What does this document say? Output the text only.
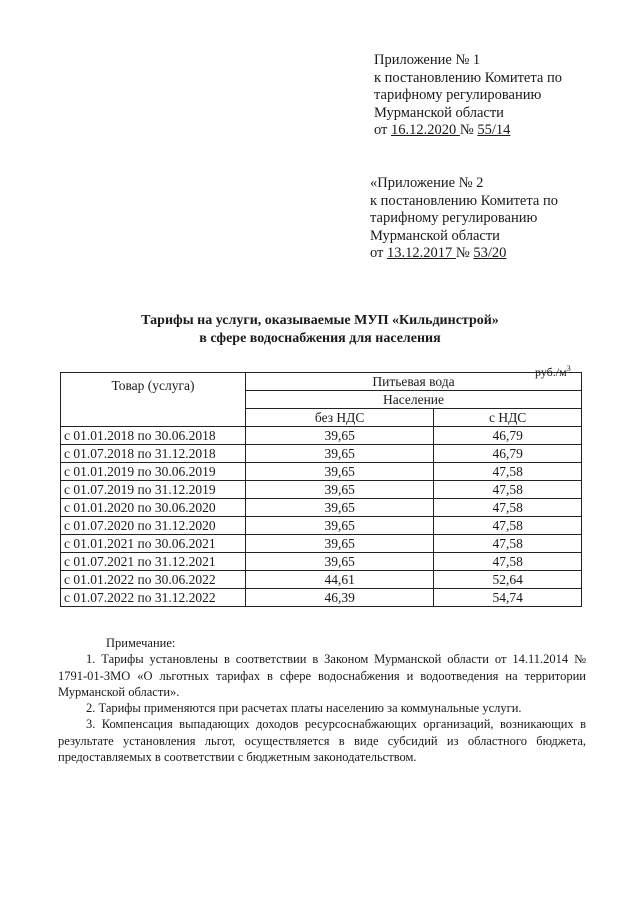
Приложение № 1
к постановлению Комитета по
тарифному регулированию
Мурманской области
от 16.12.2020 № 55/14
«Приложение № 2
к постановлению Комитета по
тарифному регулированию
Мурманской области
от 13.12.2017 № 53/20
Тарифы на услуги, оказываемые МУП «Кильдинстрой»
в сфере водоснабжения для населения
$руб./м^3$
Товар (услуга)	Питьевая вода	
	Население	
	без НДС	с НДС
с 01.01.2018 по 30.06.2018	39,65	46,79
с 01.07.2018 по 31.12.2018	39,65	46,79
с 01.01.2019 по 30.06.2019	39,65	47,58
с 01.07.2019 по 31.12.2019	39,65	47,58
с 01.01.2020 по 30.06.2020	39,65	47,58
с 01.07.2020 по 31.12.2020	39,65	47,58
с 01.01.2021 по 30.06.2021	39,65	47,58
с 01.07.2021 по 31.12.2021	39,65	47,58
с 01.01.2022 по 30.06.2022	44,61	52,64
с 01.07.2022 по 31.12.2022	46,39	54,74

Примечание:

1. Тарифы установлены в соответствии в Законом Мурманской области от 14.11.2014 № 1791-01-ЗМО «О льготных тарифах в сфере водоснабжения и водоотведения на территории Мурманской области».

2. Тарифы применяются при расчетах платы населению за коммунальные услуги.

3. Компенсация выпадающих доходов ресурсоснабжающих организаций, возникающих в результате установления льгот, осуществляется в виде субсидий из областного бюджета, предоставляемых в соответствии с бюджетным законодательством.
